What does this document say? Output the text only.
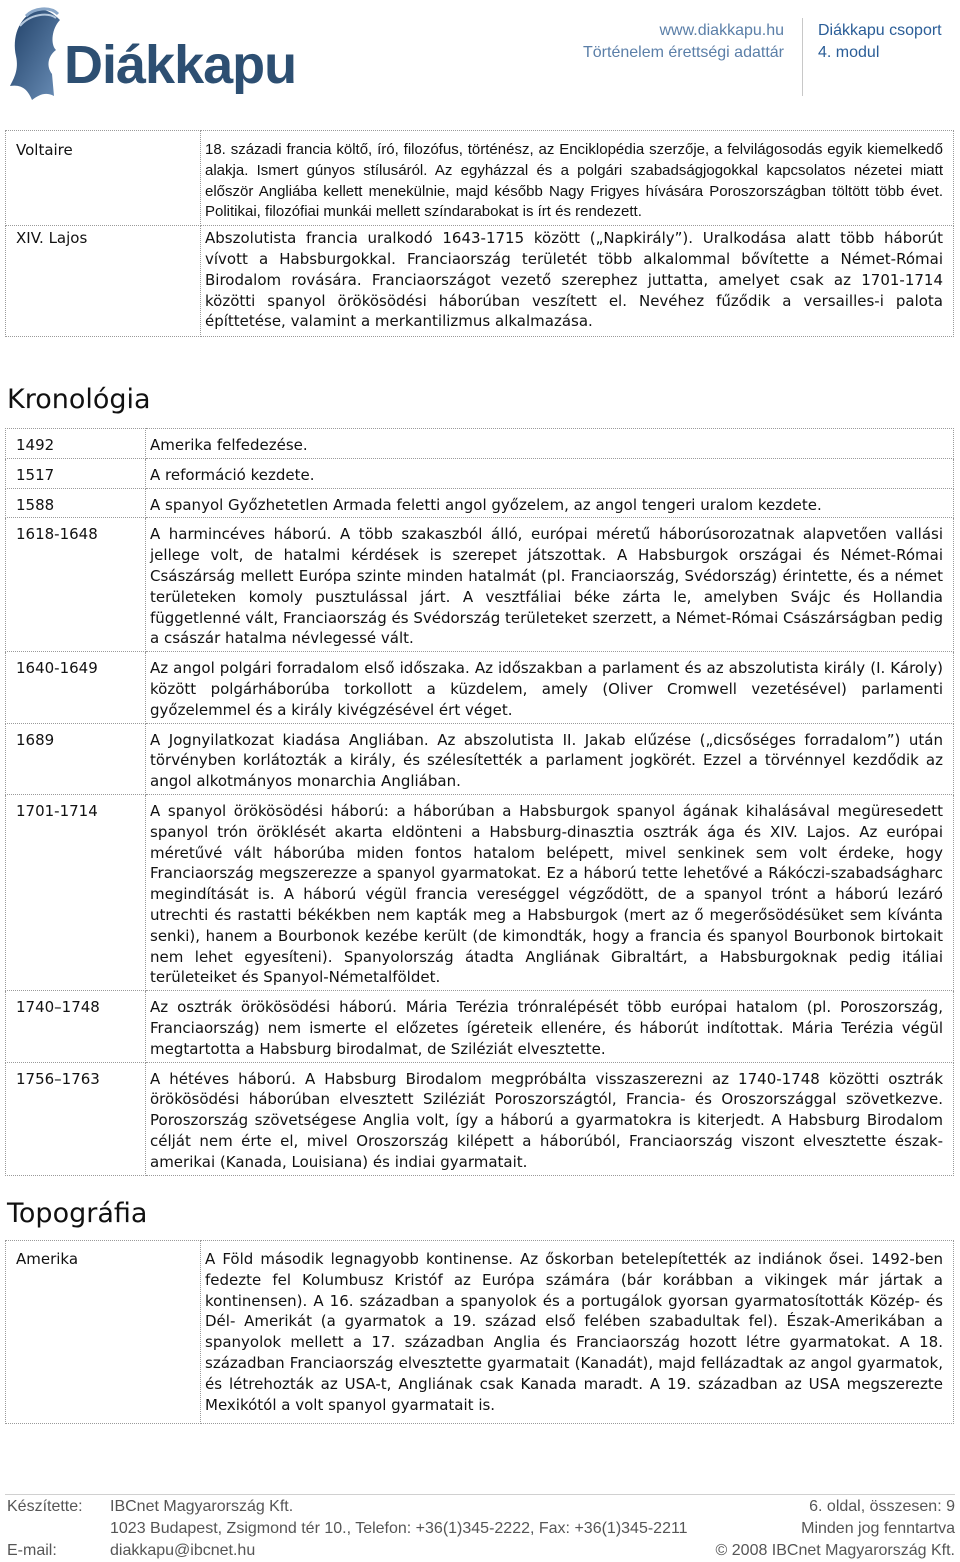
Diákkapu
www.diakkapu.hu
Történelem érettségi adattár
Diákkapu csoport
4. modul
Voltaire	18. századi francia költő, író, filozófus, történész, az Enciklopédia szerzője, a felvilágosodás egyik kiemelkedő alakja. Ismert gúnyos stílusáról. Az egyházzal és a polgári szabadságjogokkal kapcsolatos nézetei miatt először Angliába kellett menekülnie, majd később Nagy Frigyes hívására Poroszországban töltött több évet. Politikai, filozófiai munkái mellett színdarabokat is írt és rendezett.
XIV. Lajos	Abszolutista francia uralkodó 1643-1715 között („Napkirály”). Uralkodása alatt több háborút vívott a Habsburgokkal. Franciaország területét több alkalommal bővítette a Német-Római Birodalom rovására. Franciaországot vezető szerephez juttatta, amelyet csak az 1701-1714 közötti spanyol örökösödési háborúban veszített el. Nevéhez fűződik a versailles-i palota építtetése, valamint a merkantilizmus alkalmazása.
Kronológia
1492	Amerika felfedezése.
1517	A reformáció kezdete.
1588	A spanyol Győzhetetlen Armada feletti angol győzelem, az angol tengeri uralom kezdete.
1618-1648	A harmincéves háború. A több szakaszból álló, európai méretű háborúsorozatnak alapvetően vallási jellege volt, de hatalmi kérdések is szerepet játszottak. A Habsburgok országai és Német-Római Császárság mellett Európa szinte minden hatalmát (pl. Franciaország, Svédország) érintette, és a német területeken komoly pusztulással járt. A vesztfáliai béke zárta le, amelyben Svájc és Hollandia függetlenné vált, Franciaország és Svédország területeket szerzett, a Német-Római Császárságban pedig a császár hatalma névlegessé vált.
1640-1649	Az angol polgári forradalom első időszaka. Az időszakban a parlament és az abszolutista király (I. Károly) között polgárháborúba torkollott a küzdelem, amely (Oliver Cromwell vezetésével) parlamenti győzelemmel és a király kivégzésével ért véget.
1689	A Jognyilatkozat kiadása Angliában. Az abszolutista II. Jakab elűzése („dicsőséges forradalom”) után törvényben korlátozták a király, és szélesítették a parlament jogkörét. Ezzel a törvénnyel kezdődik az angol alkotmányos monarchia Angliában.
1701-1714	A spanyol örökösödési háború: a háborúban a Habsburgok spanyol ágának kihalásával megüresedett spanyol trón öröklését akarta eldönteni a Habsburg-dinasztia osztrák ága és XIV. Lajos. Az európai méretűvé vált háborúba miden fontos hatalom belépett, mivel senkinek sem volt érdeke, hogy Franciaország megszerezze a spanyol gyarmatokat. Ez a háború tette lehetővé a Rákóczi-szabadságharc megindítását is. A háború végül francia vereséggel végződött, de a spanyol trónt a háború lezáró utrechti és rastatti békékben nem kapták meg a Habsburgok (mert az ő megerősödésüket sem kívánta senki), hanem a Bourbonok kezébe került (de kimondták, hogy a francia és spanyol Bourbonok birtokait nem lehet egyesíteni). Spanyolország átadta Angliának Gibraltárt, a Habsburgoknak pedig itáliai területeiket és Spanyol-Németalföldet.
1740–1748	Az osztrák örökösödési háború. Mária Terézia trónralépését több európai hatalom (pl. Poroszország, Franciaország) nem ismerte el előzetes ígéreteik ellenére, és háborút indítottak. Mária Terézia végül megtartotta a Habsburg birodalmat, de Sziléziát elvesztette.
1756–1763	A hétéves háború. A Habsburg Birodalom megpróbálta visszaszerezni az 1740-1748 közötti osztrák örökösödési háborúban elvesztett Sziléziát Poroszországtól, Francia- és Oroszországgal szövetkezve. Poroszország szövetségese Anglia volt, így a háború a gyarmatokra is kiterjedt. A Habsburg Birodalom célját nem érte el, mivel Oroszország kilépett a háborúból, Franciaország viszont elvesztette észak-amerikai (Kanada, Louisiana) és indiai gyarmatait.
Topográfia
Amerika	A Föld második legnagyobb kontinense. Az őskorban betelepítették az indiánok ősei. 1492-ben fedezte fel Kolumbusz Kristóf az Európa számára (bár korábban a vikingek már jártak a kontinensen). A 16. században a spanyolok és a portugálok gyorsan gyarmatosították Közép- és Dél- Amerikát (a gyarmatok a 19. század első felében szabadultak fel). Észak-Amerikában a spanyolok mellett a 17. században Anglia és Franciaország hozott létre gyarmatokat. A 18. században Franciaország elvesztette gyarmatait (Kanadát), majd fellázadtak az angol gyarmatok, és létrehozták az USA-t, Angliának csak Kanada maradt. A 19. században az USA megszerezte Mexikótól a volt spanyol gyarmatait is.
Készítette: IBCnet Magyarország Kft.
1023 Budapest, Zsigmond tér 10., Telefon: +36(1)345-2222, Fax: +36(1)345-2211
E-mail:	diakkapu@ibcnet.hu
6. oldal, összesen: 9
Minden jog fenntartva
© 2008 IBCnet Magyarország Kft.
